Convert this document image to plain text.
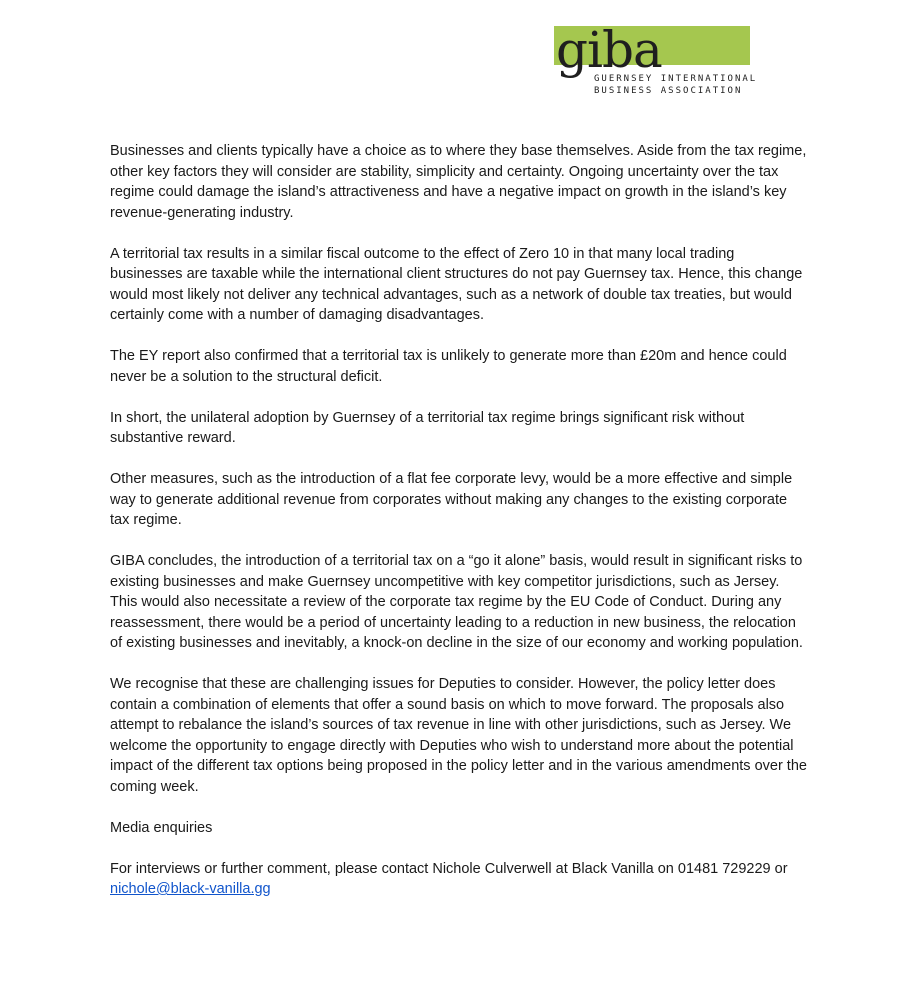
giba
GUERNSEY INTERNATIONAL
BUSINESS ASSOCIATION

Businesses and clients typically have a choice as to where they base themselves. Aside from the tax regime, other key factors they will consider are stability, simplicity and certainty. Ongoing uncertainty over the tax regime could damage the island’s attractiveness and have a negative impact on growth in the island’s key revenue-generating industry.

A territorial tax results in a similar fiscal outcome to the effect of Zero 10 in that many local trading businesses are taxable while the international client structures do not pay Guernsey tax. Hence, this change would most likely not deliver any technical advantages, such as a network of double tax treaties, but would certainly come with a number of damaging disadvantages.

The EY report also confirmed that a territorial tax is unlikely to generate more than £20m and hence could never be a solution to the structural deficit.

In short, the unilateral adoption by Guernsey of a territorial tax regime brings significant risk without substantive reward.

Other measures, such as the introduction of a flat fee corporate levy, would be a more effective and simple way to generate additional revenue from corporates without making any changes to the existing corporate tax regime.

GIBA concludes, the introduction of a territorial tax on a “go it alone” basis, would result in significant risks to existing businesses and make Guernsey uncompetitive with key competitor jurisdictions, such as Jersey. This would also necessitate a review of the corporate tax regime by the EU Code of Conduct. During any reassessment, there would be a period of uncertainty leading to a reduction in new business, the relocation of existing businesses and inevitably, a knock-on decline in the size of our economy and working population.

We recognise that these are challenging issues for Deputies to consider. However, the policy letter does contain a combination of elements that offer a sound basis on which to move forward. The proposals also attempt to rebalance the island’s sources of tax revenue in line with other jurisdictions, such as Jersey. We welcome the opportunity to engage directly with Deputies who wish to understand more about the potential impact of the different tax options being proposed in the policy letter and in the various amendments over the coming week.

Media enquiries

For interviews or further comment, please contact Nichole Culverwell at Black Vanilla on 01481 729229 or nichole@black-vanilla.gg
